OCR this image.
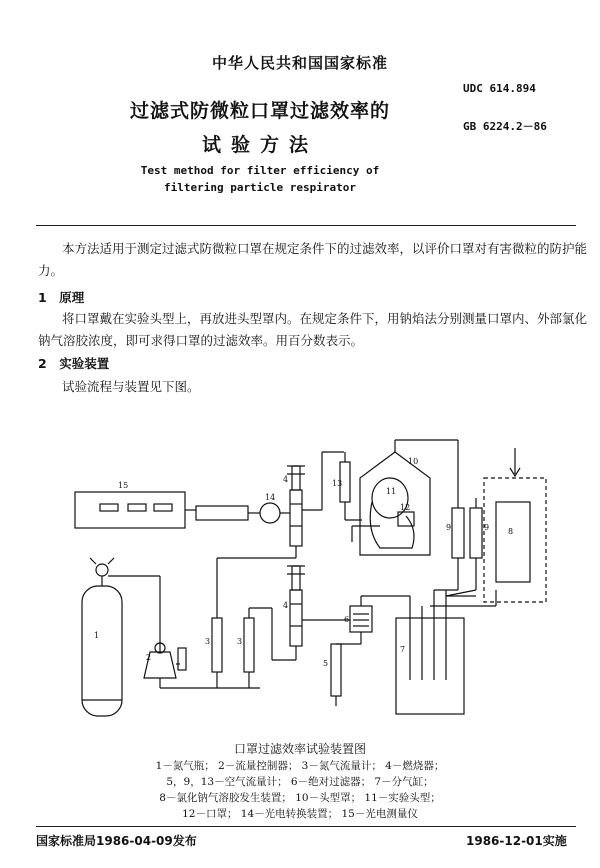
中华人民共和国国家标准
UDC 614.894
过滤式防微粒口罩过滤效率的
GB 6224.2－86
试验方法
Test method for filter efficiency of
filtering particle respirator
本方法适用于测定过滤式防微粒口罩在规定条件下的过滤效率，以评价口罩对有害微粒的防护能
力。
1　原理
将口罩戴在实验头型上，再放进头型罩内。在规定条件下，用钠焰法分别测量口罩内、外部氯化
钠气溶胶浓度，即可求得口罩的过滤效率。用百分数表示。
2　实验装置
试验流程与装置见下图。
15
14
4	13
10
11
12
9	9 8
1
2
3	3
4
6
5
7
口罩过滤效率试验装置图
1－氮气瓶； 2－流量控制器； 3－氮气流量计； 4－燃烧器；
5，9，13－空气流量计； 6－绝对过滤器； 7－分气缸；
8－氯化钠气溶胶发生装置； 10－头型罩； 11－实验头型；
12－口罩； 14－光电转换装置； 15－光电测量仪
国家标准局1986-04-09发布	1986-12-01实施
